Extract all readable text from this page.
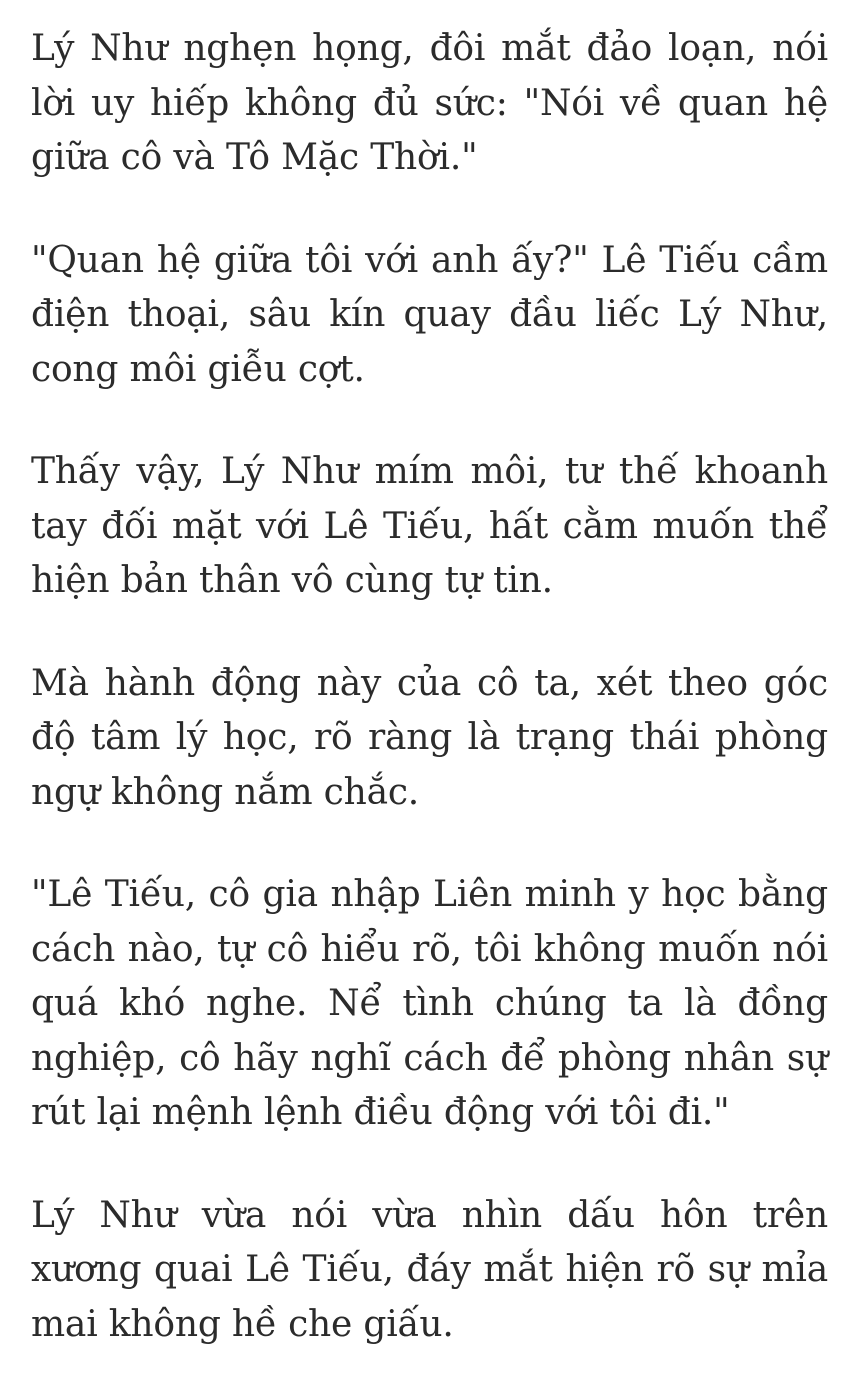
Lý Như nghẹn họng, đôi mắt đảo loạn, nói lời uy hiếp không đủ sức: "Nói về quan hệ giữa cô và Tô Mặc Thời."

"Quan hệ giữa tôi với anh ấy?" Lê Tiếu cầm điện thoại, sâu kín quay đầu liếc Lý Như, cong môi giễu cợt.

Thấy vậy, Lý Như mím môi, tư thế khoanh tay đối mặt với Lê Tiếu, hất cằm muốn thể hiện bản thân vô cùng tự tin.

Mà hành động này của cô ta, xét theo góc độ tâm lý học, rõ ràng là trạng thái phòng ngự không nắm chắc.

"Lê Tiếu, cô gia nhập Liên minh y học bằng cách nào, tự cô hiểu rõ, tôi không muốn nói quá khó nghe. Nể tình chúng ta là đồng nghiệp, cô hãy nghĩ cách để phòng nhân sự rút lại mệnh lệnh điều động với tôi đi."

Lý Như vừa nói vừa nhìn dấu hôn trên xương quai Lê Tiếu, đáy mắt hiện rõ sự mỉa mai không hề che giấu.
